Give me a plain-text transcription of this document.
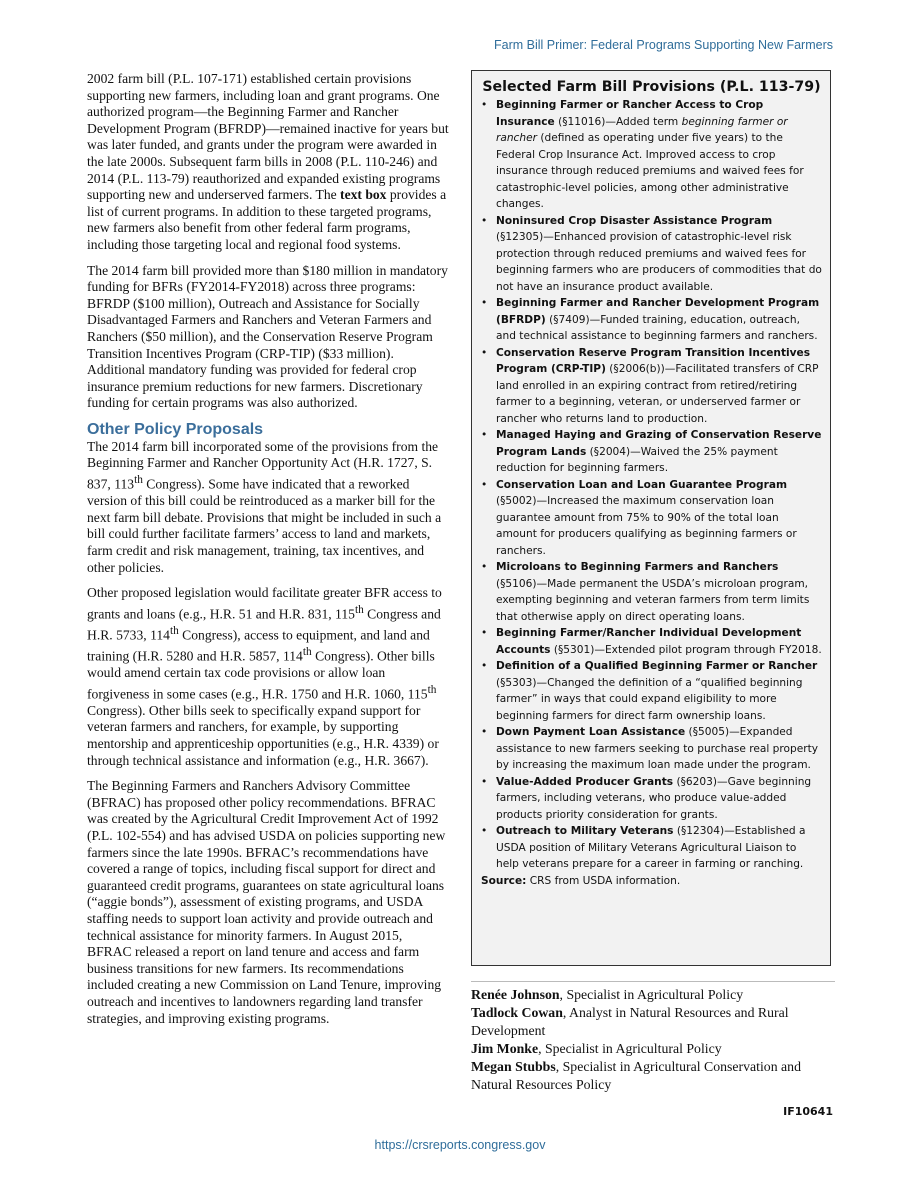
Farm Bill Primer: Federal Programs Supporting New Farmers

2002 farm bill (P.L. 107-171) established certain provisions supporting new farmers, including loan and grant programs. One authorized program—the Beginning Farmer and Rancher Development Program (BFRDP)—remained inactive for years but was later funded, and grants under the program were awarded in the late 2000s. Subsequent farm bills in 2008 (P.L. 110-246) and 2014 (P.L. 113-79) reauthorized and expanded existing programs supporting new and underserved farmers. The text box provides a list of current programs. In addition to these targeted programs, new farmers also benefit from other federal farm programs, including those targeting local and regional food systems.

The 2014 farm bill provided more than $180 million in mandatory funding for BFRs (FY2014-FY2018) across three programs: BFRDP ($100 million), Outreach and Assistance for Socially Disadvantaged Farmers and Ranchers and Veteran Farmers and Ranchers ($50 million), and the Conservation Reserve Program Transition Incentives Program (CRP-TIP) ($33 million). Additional mandatory funding was provided for federal crop insurance premium reductions for new farmers. Discretionary funding for certain programs was also authorized.

Other Policy Proposals

The 2014 farm bill incorporated some of the provisions from the Beginning Farmer and Rancher Opportunity Act (H.R. 1727, S. 837, 113th Congress). Some have indicated that a reworked version of this bill could be reintroduced as a marker bill for the next farm bill debate. Provisions that might be included in such a bill could further facilitate farmers’ access to land and markets, farm credit and risk management, training, tax incentives, and other policies.

Other proposed legislation would facilitate greater BFR access to grants and loans (e.g., H.R. 51 and H.R. 831, 115th Congress and H.R. 5733, 114th Congress), access to equipment, and land and training (H.R. 5280 and H.R. 5857, 114th Congress). Other bills would amend certain tax code provisions or allow loan forgiveness in some cases (e.g., H.R. 1750 and H.R. 1060, 115th Congress). Other bills seek to specifically expand support for veteran farmers and ranchers, for example, by supporting mentorship and apprenticeship opportunities (e.g., H.R. 4339) or through technical assistance and information (e.g., H.R. 3667).

The Beginning Farmers and Ranchers Advisory Committee (BFRAC) has proposed other policy recommendations. BFRAC was created by the Agricultural Credit Improvement Act of 1992 (P.L. 102-554) and has advised USDA on policies supporting new farmers since the late 1990s. BFRAC’s recommendations have covered a range of topics, including fiscal support for direct and guaranteed credit programs, guarantees on state agricultural loans (“aggie bonds”), assessment of existing programs, and USDA staffing needs to support loan activity and provide outreach and technical assistance for minority farmers. In August 2015, BFRAC released a report on land tenure and access and farm business transitions for new farmers. Its recommendations included creating a new Commission on Land Tenure, improving outreach and incentives to landowners regarding land transfer strategies, and improving existing programs.

Selected Farm Bill Provisions (P.L. 113-79)
• Beginning Farmer or Rancher Access to Crop Insurance (§11016)—Added term beginning farmer or rancher (defined as operating under five years) to the Federal Crop Insurance Act. Improved access to crop insurance through reduced premiums and waived fees for catastrophic-level policies, among other administrative changes.
• Noninsured Crop Disaster Assistance Program (§12305)—Enhanced provision of catastrophic-level risk protection through reduced premiums and waived fees for beginning farmers who are producers of commodities that do not have an insurance product available.
• Beginning Farmer and Rancher Development Program (BFRDP) (§7409)—Funded training, education, outreach, and technical assistance to beginning farmers and ranchers.
• Conservation Reserve Program Transition Incentives Program (CRP-TIP) (§2006(b))—Facilitated transfers of CRP land enrolled in an expiring contract from retired/retiring farmer to a beginning, veteran, or underserved farmer or rancher who returns land to production.
• Managed Haying and Grazing of Conservation Reserve Program Lands (§2004)—Waived the 25% payment reduction for beginning farmers.
• Conservation Loan and Loan Guarantee Program (§5002)—Increased the maximum conservation loan guarantee amount from 75% to 90% of the total loan amount for producers qualifying as beginning farmers or ranchers.
• Microloans to Beginning Farmers and Ranchers (§5106)—Made permanent the USDA’s microloan program, exempting beginning and veteran farmers from term limits that otherwise apply on direct operating loans.
• Beginning Farmer/Rancher Individual Development Accounts (§5301)—Extended pilot program through FY2018.
• Definition of a Qualified Beginning Farmer or Rancher (§5303)—Changed the definition of a “qualified beginning farmer” in ways that could expand eligibility to more beginning farmers for direct farm ownership loans.
• Down Payment Loan Assistance (§5005)—Expanded assistance to new farmers seeking to purchase real property by increasing the maximum loan made under the program.
• Value-Added Producer Grants (§6203)—Gave beginning farmers, including veterans, who produce value-added products priority consideration for grants.
• Outreach to Military Veterans (§12304)—Established a USDA position of Military Veterans Agricultural Liaison to help veterans prepare for a career in farming or ranching.

Source: CRS from USDA information.

Renée Johnson, Specialist in Agricultural Policy
Tadlock Cowan, Analyst in Natural Resources and Rural Development
Jim Monke, Specialist in Agricultural Policy
Megan Stubbs, Specialist in Agricultural Conservation and Natural Resources Policy
IF10641
https://crsreports.congress.gov
